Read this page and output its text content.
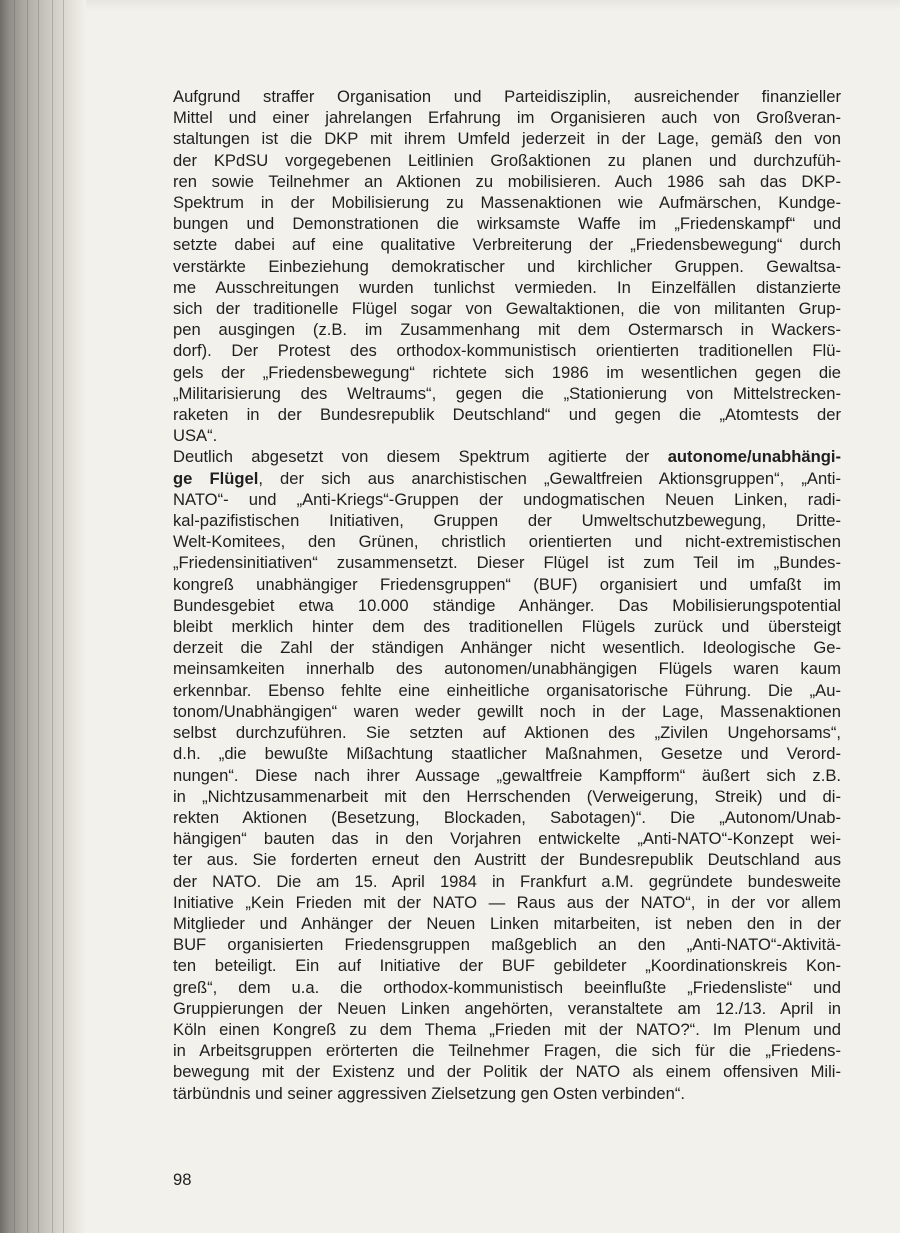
Aufgrund straffer Organisation und Parteidisziplin, ausreichender finanzieller
Mittel und einer jahrelangen Erfahrung im Organisieren auch von Großveran-
staltungen ist die DKP mit ihrem Umfeld jederzeit in der Lage, gemäß den von
der KPdSU vorgegebenen Leitlinien Großaktionen zu planen und durchzufüh-
ren sowie Teilnehmer an Aktionen zu mobilisieren. Auch 1986 sah das DKP-
Spektrum in der Mobilisierung zu Massenaktionen wie Aufmärschen, Kundge-
bungen und Demonstrationen die wirksamste Waffe im „Friedenskampf“ und
setzte dabei auf eine qualitative Verbreiterung der „Friedensbewegung“ durch
verstärkte Einbeziehung demokratischer und kirchlicher Gruppen. Gewaltsa-
me Ausschreitungen wurden tunlichst vermieden. In Einzelfällen distanzierte
sich der traditionelle Flügel sogar von Gewaltaktionen, die von militanten Grup-
pen ausgingen (z.B. im Zusammenhang mit dem Ostermarsch in Wackers-
dorf). Der Protest des orthodox-kommunistisch orientierten traditionellen Flü-
gels der „Friedensbewegung“ richtete sich 1986 im wesentlichen gegen die
„Militarisierung des Weltraums“, gegen die „Stationierung von Mittelstrecken-
raketen in der Bundesrepublik Deutschland“ und gegen die „Atomtests der
USA“.
Deutlich abgesetzt von diesem Spektrum agitierte der autonome/unabhängi-
ge Flügel, der sich aus anarchistischen „Gewaltfreien Aktionsgruppen“, „Anti-
NATO“- und „Anti-Kriegs“-Gruppen der undogmatischen Neuen Linken, radi-
kal-pazifistischen Initiativen, Gruppen der Umweltschutzbewegung, Dritte-
Welt-Komitees, den Grünen, christlich orientierten und nicht-extremistischen
„Friedensinitiativen“ zusammensetzt. Dieser Flügel ist zum Teil im „Bundes-
kongreß unabhängiger Friedensgruppen“ (BUF) organisiert und umfaßt im
Bundesgebiet etwa 10.000 ständige Anhänger. Das Mobilisierungspotential
bleibt merklich hinter dem des traditionellen Flügels zurück und übersteigt
derzeit die Zahl der ständigen Anhänger nicht wesentlich. Ideologische Ge-
meinsamkeiten innerhalb des autonomen/unabhängigen Flügels waren kaum
erkennbar. Ebenso fehlte eine einheitliche organisatorische Führung. Die „Au-
tonom/Unabhängigen“ waren weder gewillt noch in der Lage, Massenaktionen
selbst durchzuführen. Sie setzten auf Aktionen des „Zivilen Ungehorsams“,
d.h. „die bewußte Mißachtung staatlicher Maßnahmen, Gesetze und Verord-
nungen“. Diese nach ihrer Aussage „gewaltfreie Kampfform“ äußert sich z.B.
in „Nichtzusammenarbeit mit den Herrschenden (Verweigerung, Streik) und di-
rekten Aktionen (Besetzung, Blockaden, Sabotagen)“. Die „Autonom/Unab-
hängigen“ bauten das in den Vorjahren entwickelte „Anti-NATO“-Konzept wei-
ter aus. Sie forderten erneut den Austritt der Bundesrepublik Deutschland aus
der NATO. Die am 15. April 1984 in Frankfurt a.M. gegründete bundesweite
Initiative „Kein Frieden mit der NATO — Raus aus der NATO“, in der vor allem
Mitglieder und Anhänger der Neuen Linken mitarbeiten, ist neben den in der
BUF organisierten Friedensgruppen maßgeblich an den „Anti-NATO“-Aktivitä-
ten beteiligt. Ein auf Initiative der BUF gebildeter „Koordinationskreis Kon-
greß“, dem u.a. die orthodox-kommunistisch beeinflußte „Friedensliste“ und
Gruppierungen der Neuen Linken angehörten, veranstaltete am 12./13. April in
Köln einen Kongreß zu dem Thema „Frieden mit der NATO?“. Im Plenum und
in Arbeitsgruppen erörterten die Teilnehmer Fragen, die sich für die „Friedens-
bewegung mit der Existenz und der Politik der NATO als einem offensiven Mili-
tärbündnis und seiner aggressiven Zielsetzung gen Osten verbinden“.
98
